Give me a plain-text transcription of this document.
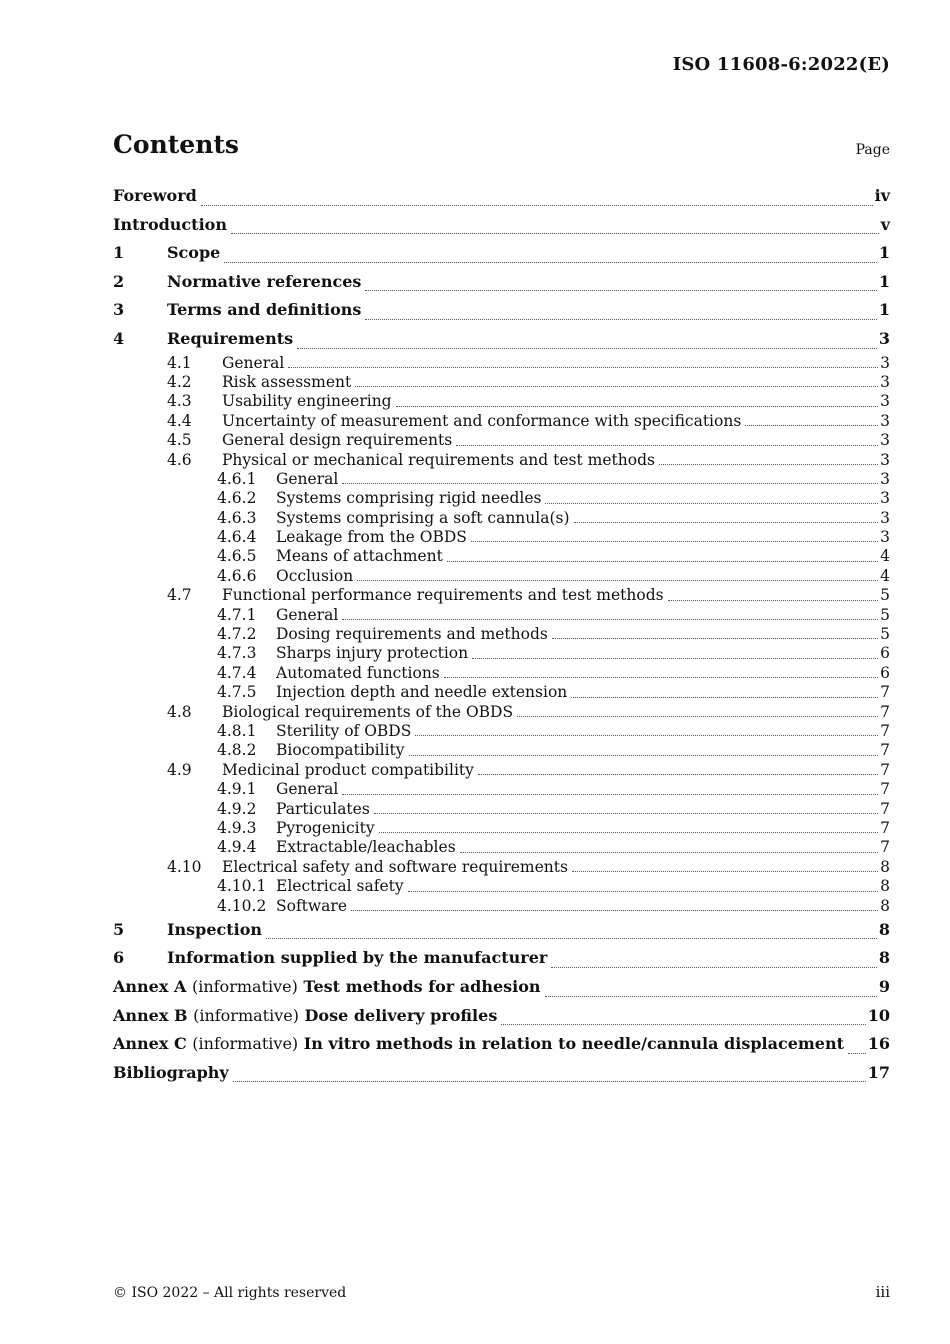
ISO 11608-6:2022(E)
Contents	Page
Foreword	iv
Introduction	v
1	Scope	1
2	Normative references	1
3	Terms and definitions	1
4	Requirements	3
4.1	General	3
4.2	Risk assessment	3
4.3	Usability engineering	3
4.4	Uncertainty of measurement and conformance with specifications	3
4.5	General design requirements	3
4.6	Physical or mechanical requirements and test methods	3
4.6.1	General	3
4.6.2	Systems comprising rigid needles	3
4.6.3	Systems comprising a soft cannula(s)	3
4.6.4	Leakage from the OBDS	3
4.6.5	Means of attachment	4
4.6.6	Occlusion	4
4.7	Functional performance requirements and test methods	5
4.7.1	General	5
4.7.2	Dosing requirements and methods	5
4.7.3	Sharps injury protection	6
4.7.4	Automated functions	6
4.7.5	Injection depth and needle extension	7
4.8	Biological requirements of the OBDS	7
4.8.1	Sterility of OBDS	7
4.8.2	Biocompatibility	7
4.9	Medicinal product compatibility	7
4.9.1	General	7
4.9.2	Particulates	7
4.9.3	Pyrogenicity	7
4.9.4	Extractable/leachables	7
4.10	Electrical safety and software requirements	8
4.10.1 Electrical safety	8
4.10.2 Software	8
5	Inspection	8
6	Information supplied by the manufacturer	8
Annex A (informative) Test methods for adhesion	9
Annex B (informative) Dose delivery profiles	10
Annex C (informative) In vitro methods in relation to needle/cannula displacement 16
Bibliography	17
© ISO 2022 – All rights reserved	iii
